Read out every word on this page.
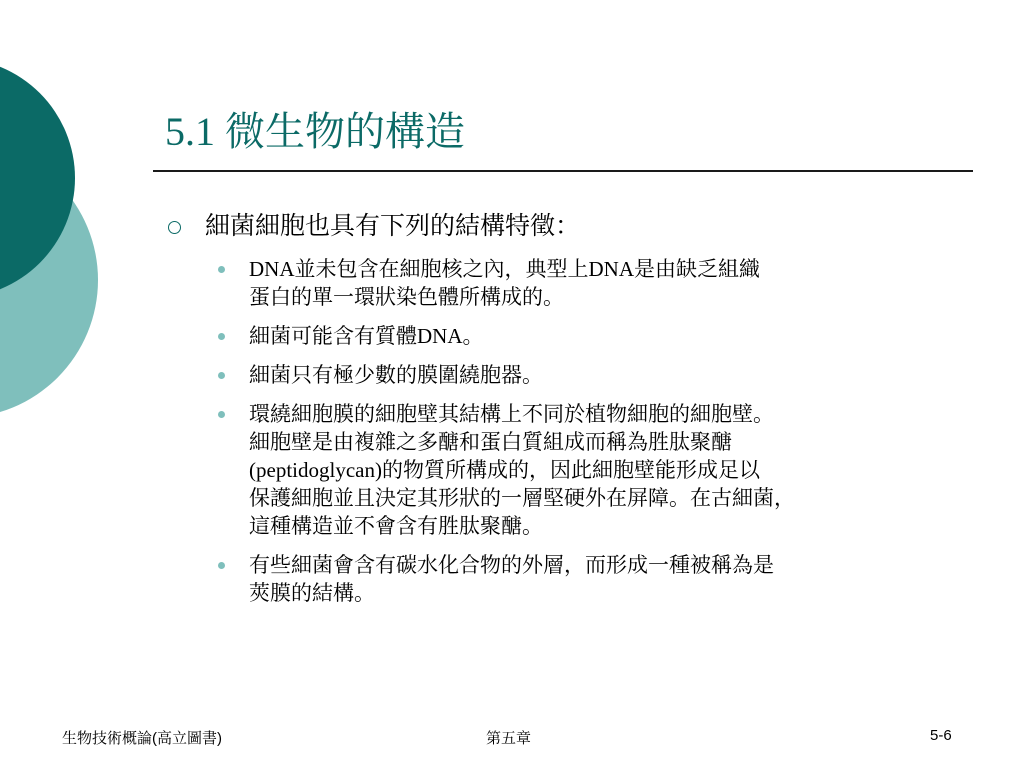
5.1 微生物的構造
細菌細胞也具有下列的結構特徵：
DNA並未包含在細胞核之內，典型上DNA是由缺乏組織
蛋白的單一環狀染色體所構成的。
細菌可能含有質體DNA。
細菌只有極少數的膜圍繞胞器。
環繞細胞膜的細胞壁其結構上不同於植物細胞的細胞壁。
細胞壁是由複雜之多醣和蛋白質組成而稱為胜肽聚醣
(peptidoglycan)的物質所構成的，因此細胞壁能形成足以
保護細胞並且決定其形狀的一層堅硬外在屏障。在古細菌，
這種構造並不會含有胜肽聚醣。
有些細菌會含有碳水化合物的外層，而形成一種被稱為是
莢膜的結構。
生物技術概論(高立圖書)	第五章	5-6
